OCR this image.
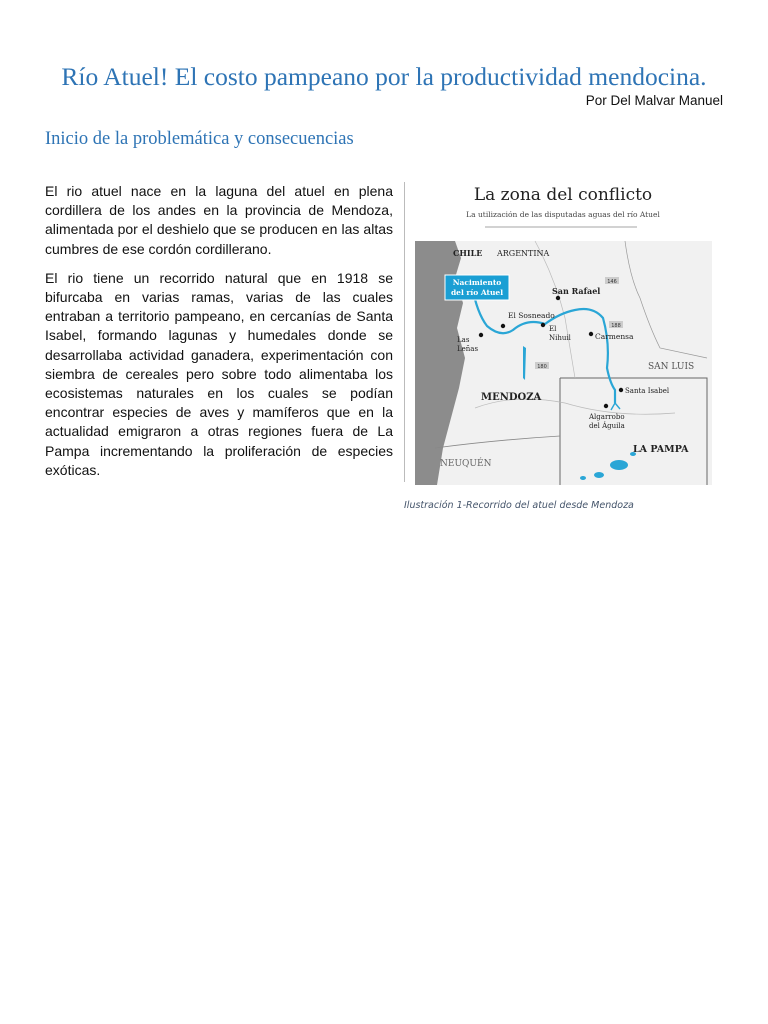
Río Atuel! El costo pampeano por la productividad mendocina.
Por Del Malvar Manuel
Inicio de la problemática y consecuencias

El rio atuel nace en la laguna del atuel en plena cordillera de los andes en la provincia de Mendoza, alimentada por el deshielo que se producen en las altas cumbres de ese cordón cordillerano.

El rio tiene un recorrido natural que en 1918 se bifurcaba en varias ramas, varias de las cuales entraban a territorio pampeano, en cercanías de Santa Isabel, formando lagunas y humedales donde se desarrollaba actividad ganadera, experimentación con siembra de cereales pero sobre todo alimentaba los ecosistemas naturales en los cuales se podían encontrar especies de aves y mamíferos que en la actualidad emigraron a otras regiones fuera de La Pampa incrementando la proliferación de especies exóticas.

La zona del conflicto
La utilización de las disputadas aguas del río Atuel
146
188
180
Nacimiento
del río Atuel
CHILE ARGENTINA
San Rafael
El Sosneado
El
Nihuil
Las
Leñas
Carmensa
SAN LUIS
MENDOZA
Santa Isabel
Algarrobo
del Águila
LA PAMPA
NEUQUÉN
Ilustración 1-Recorrido del atuel desde Mendoza
